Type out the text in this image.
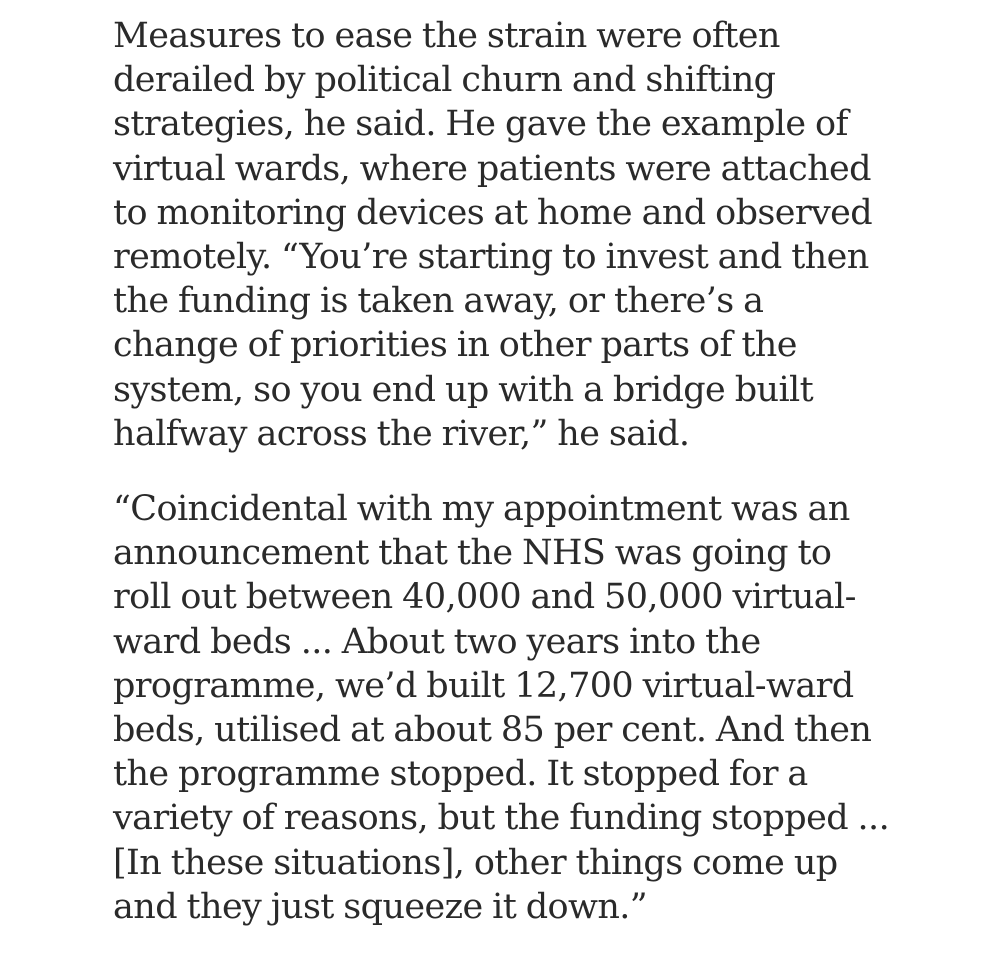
Measures to ease the strain were often
derailed by political churn and shifting
strategies, he said. He gave the example of
virtual wards, where patients were attached
to monitoring devices at home and observed
remotely. “You’re starting to invest and then
the funding is taken away, or there’s a
change of priorities in other parts of the
system, so you end up with a bridge built
halfway across the river,” he said.

“Coincidental with my appointment was an
announcement that the NHS was going to
roll out between 40,000 and 50,000 virtual-
ward beds ... About two years into the
programme, we’d built 12,700 virtual-ward
beds, utilised at about 85 per cent. And then
the programme stopped. It stopped for a
variety of reasons, but the funding stopped ...
[In these situations], other things come up
and they just squeeze it down.”
